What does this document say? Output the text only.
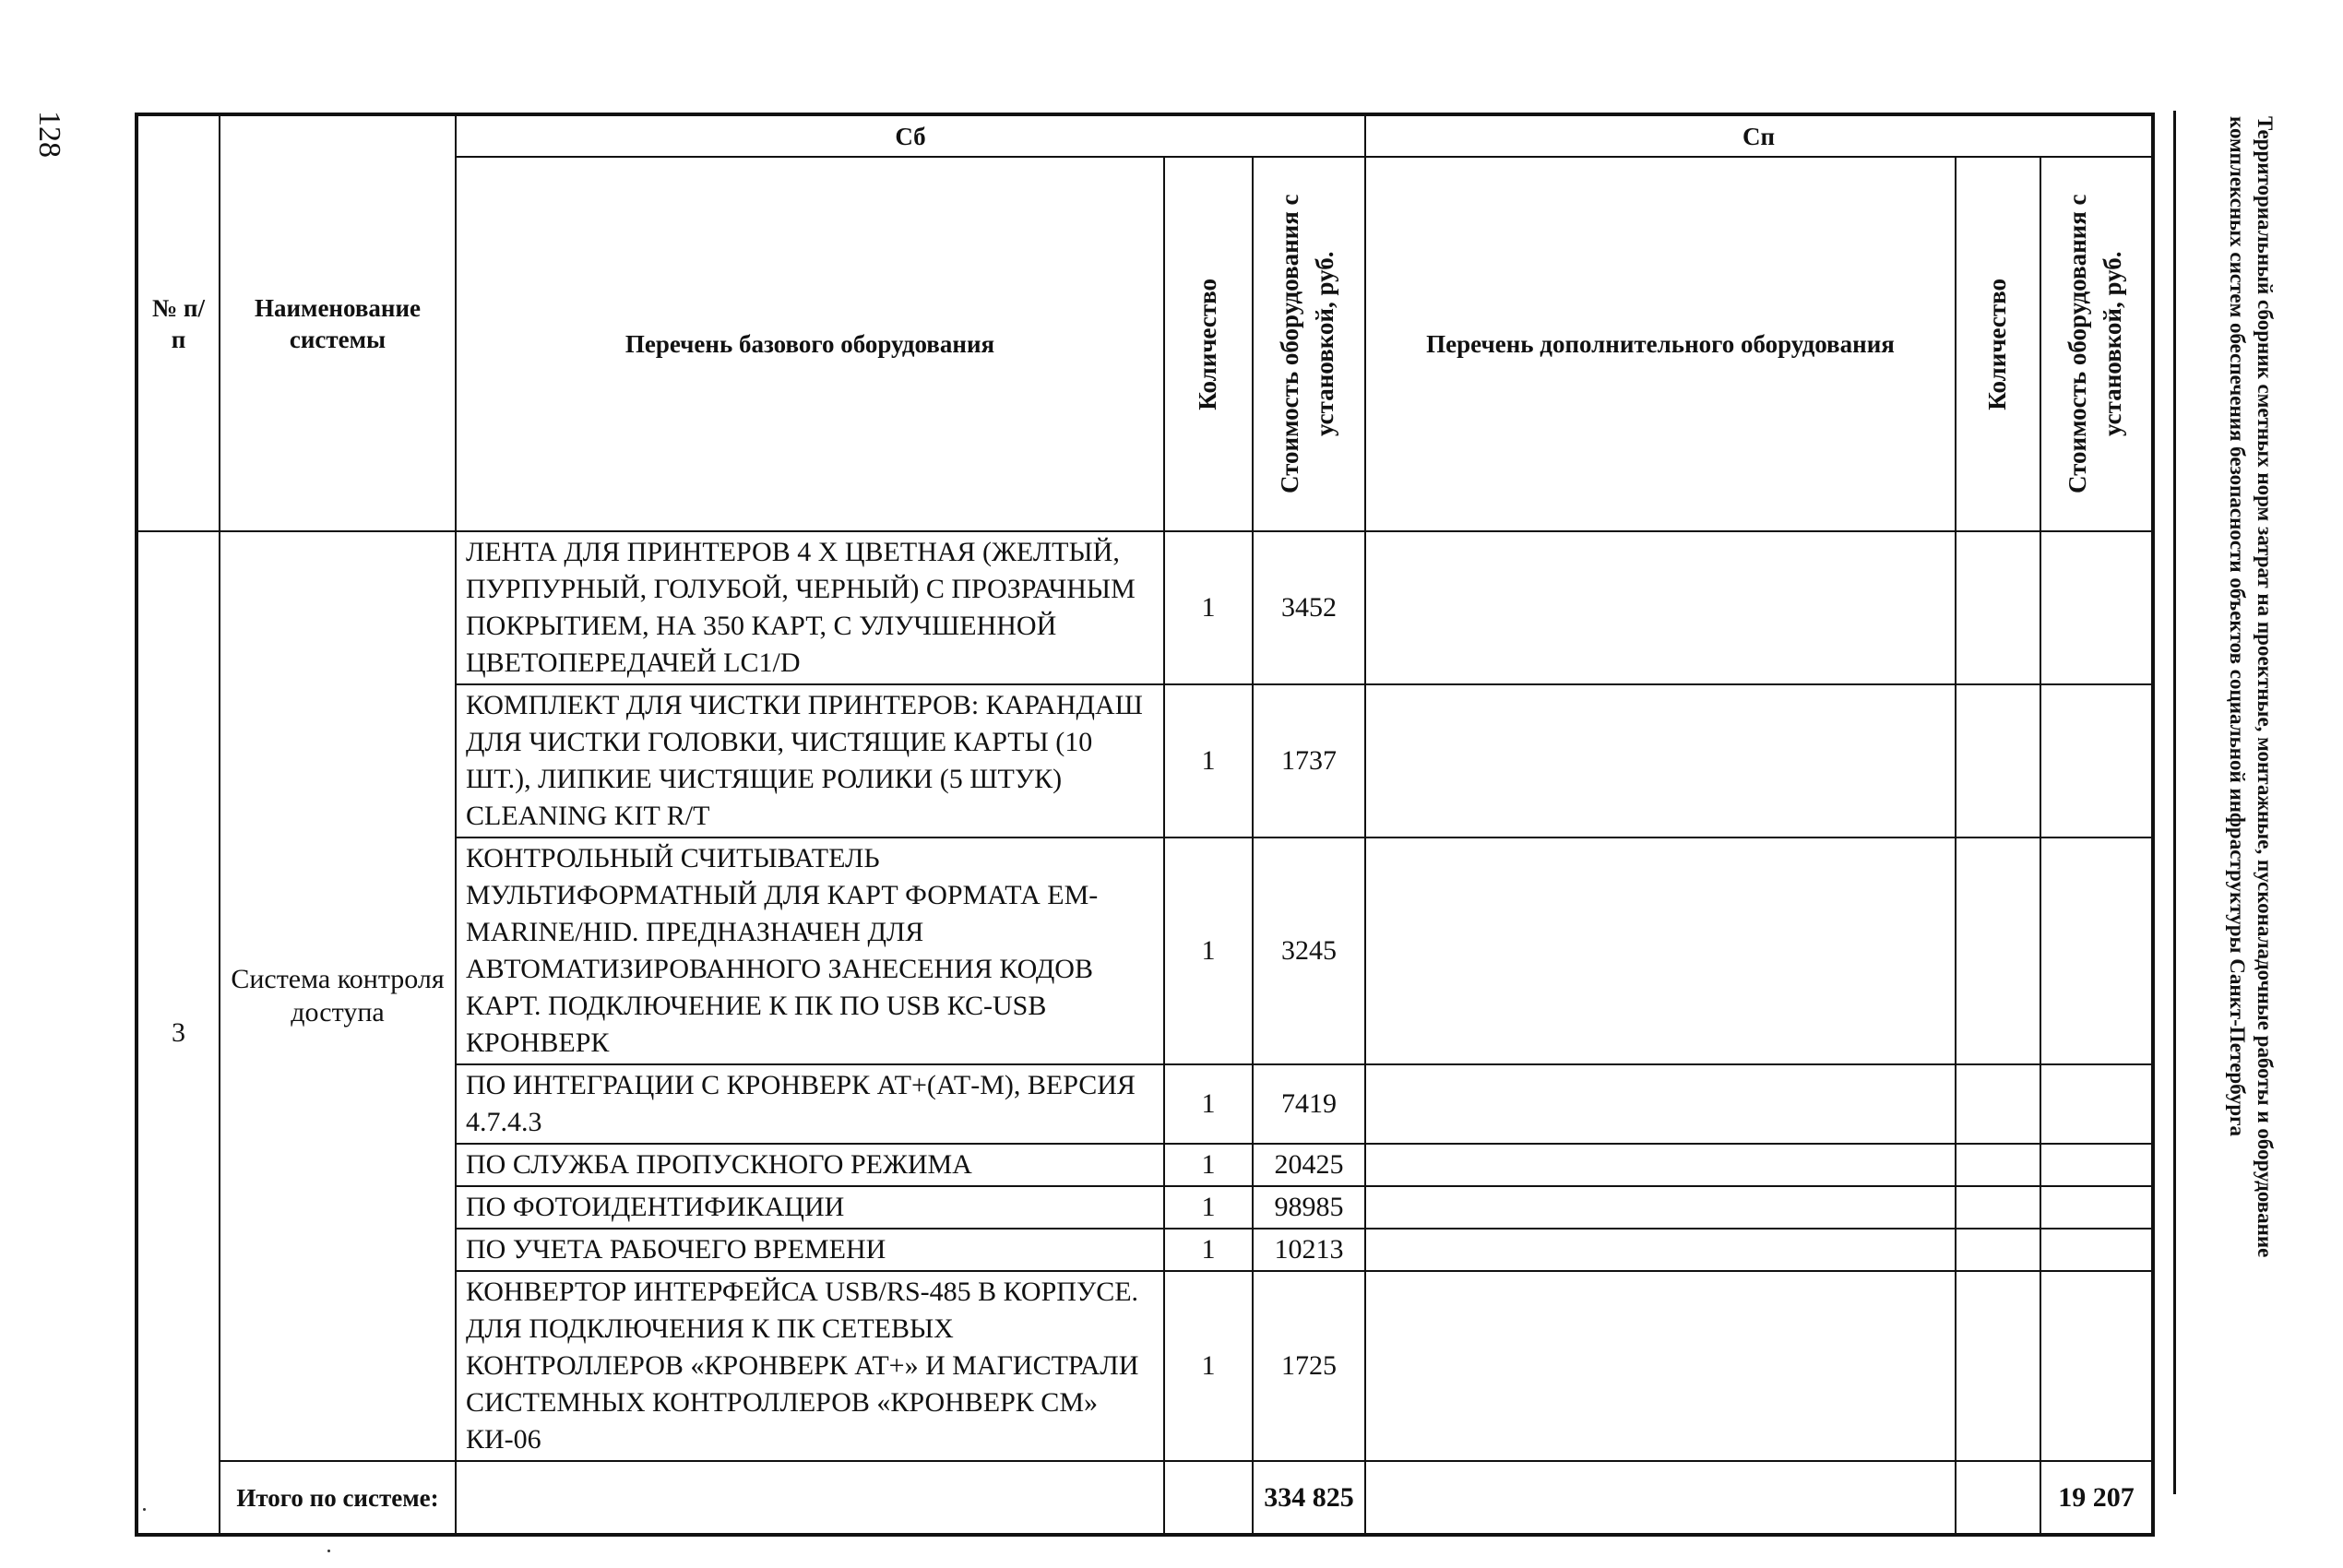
128	Территориальный сборник сметных норм затрат на проектные, монтажные, пусконаладочные работы и оборудование
комплексных систем обеспечения безопасности объектов социальной инфраструктуры Санкт-Петербурга
№ п/п	Наименование системы	Сб			Сп		
		Перечень базового оборудования	Количество	Стоимость оборудования с установкой, руб.	Перечень дополнительного оборудования	Количество	Стоимость оборудования с установкой, руб.

3	Система контроля доступа	ЛЕНТА ДЛЯ ПРИНТЕРОВ 4 Х ЦВЕТНАЯ (ЖЕЛТЫЙ, ПУРПУРНЫЙ, ГОЛУБОЙ, ЧЕРНЫЙ) С ПРОЗРАЧНЫМ ПОКРЫТИЕМ, НА 350 КАРТ, С УЛУЧШЕННОЙ ЦВЕТОПЕРЕДАЧЕЙ LC1/D	1	3452			
		КОМПЛЕКТ ДЛЯ ЧИСТКИ ПРИНТЕРОВ: КАРАНДАШ ДЛЯ ЧИСТКИ ГОЛОВКИ, ЧИСТЯЩИЕ КАРТЫ (10 ШТ.), ЛИПКИЕ ЧИСТЯЩИЕ РОЛИКИ (5 ШТУК) CLEANING KIT R/T	1	1737			
		КОНТРОЛЬНЫЙ СЧИТЫВАТЕЛЬ МУЛЬТИФОРМАТНЫЙ ДЛЯ КАРТ ФОРМАТА EM-MARINE/HID. ПРЕДНАЗНАЧЕН ДЛЯ АВТОМАТИЗИРОВАННОГО ЗАНЕСЕНИЯ КОДОВ КАРТ. ПОДКЛЮЧЕНИЕ К ПК ПО USB КС-USB КРОНВЕРК	1	3245			
		ПО ИНТЕГРАЦИИ С КРОНВЕРК АТ+(АТ-М), ВЕРСИЯ 4.7.4.3	1	7419			
		ПО СЛУЖБА ПРОПУСКНОГО РЕЖИМА	1	20425			
		ПО ФОТОИДЕНТИФИКАЦИИ	1	98985			
		ПО УЧЕТА РАБОЧЕГО ВРЕМЕНИ	1	10213			
		КОНВЕРТОР ИНТЕРФЕЙСА USB/RS-485 В КОРПУСЕ. ДЛЯ ПОДКЛЮЧЕНИЯ К ПК СЕТЕВЫХ КОНТРОЛЛЕРОВ «КРОНВЕРК АТ+» И МАГИСТРАЛИ СИСТЕМНЫХ КОНТРОЛЛЕРОВ «КРОНВЕРК СМ» КИ-06	1	1725			
	Итого по системе:			334 825			19 207
